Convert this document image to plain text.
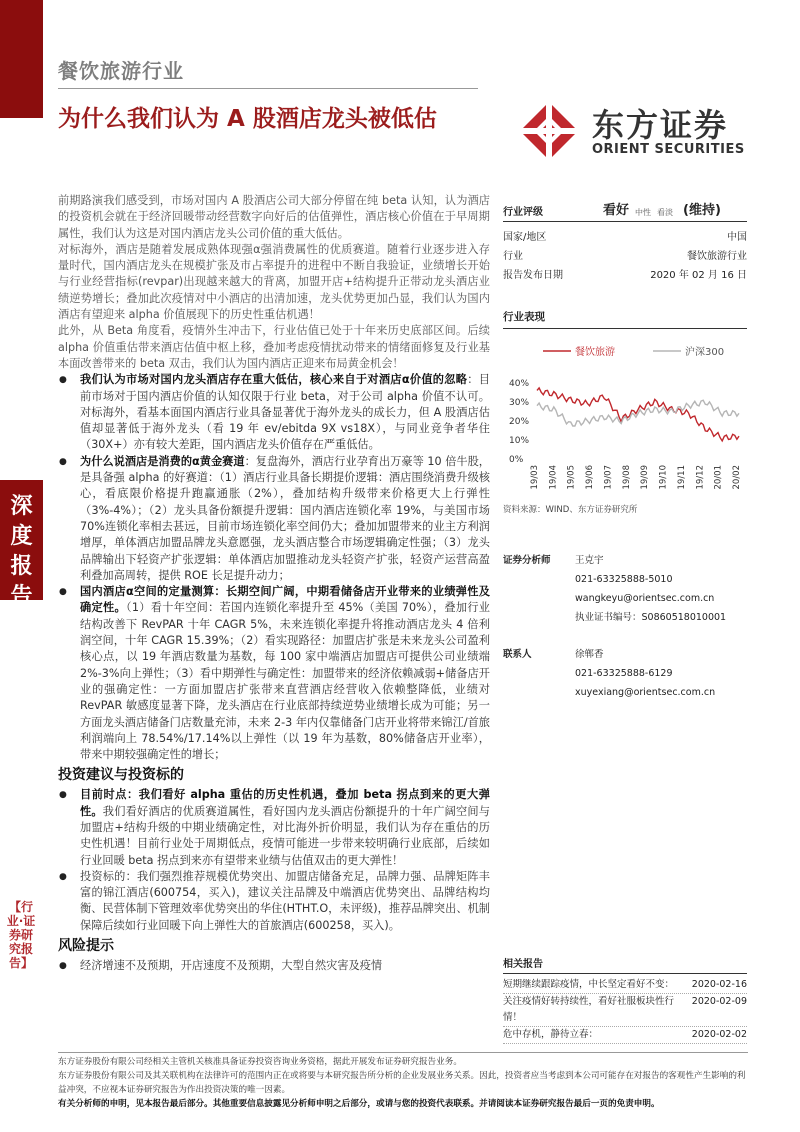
深度报告
【行业·证券研究报告】
餐饮旅游行业
为什么我们认为 A 股酒店龙头被低估	东方证券
ORIENT SECURITIES

前期路演我们感受到，市场对国内 A 股酒店公司大部分停留在纯 beta 认知，认为酒店的投资机会就在于经济回暖带动经营数字向好后的估值弹性，酒店核心价值在于早周期属性，我们认为这是对国内酒店龙头公司价值的重大低估。

对标海外，酒店是随着发展成熟体现强α强消费属性的优质赛道。随着行业逐步进入存量时代，国内酒店龙头在规模扩张及市占率提升的进程中不断自我验证，业绩增长开始与行业经营指标(revpar)出现越来越大的背离，加盟开店+结构提升正带动龙头酒店业绩逆势增长；叠加此次疫情对中小酒店的出清加速，龙头优势更加凸显，我们认为国内酒店有望迎来 alpha 价值展现下的历史性重估机遇！

此外，从 Beta 角度看，疫情外生冲击下，行业估值已处于十年来历史底部区间。后续 alpha 价值重估带来酒店估值中枢上移，叠加考虑疫情扰动带来的情绪面修复及行业基本面改善带来的 beta 双击，我们认为国内酒店正迎来布局黄金机会！

● 我们认为市场对国内龙头酒店存在重大低估，核心来自于对酒店α价值的忽略：目前市场对于国内酒店价值的认知仅限于行业 beta，对于公司 alpha 价值不认可。对标海外，看基本面国内酒店行业具备显著优于海外龙头的成长力，但 A 股酒店估值却显著低于海外龙头（看 19 年 ev/ebitda 9X vs18X），与同业竞争者华住（30X+）亦有较大差距，国内酒店龙头价值存在严重低估。
● 为什么说酒店是消费的α黄金赛道：复盘海外，酒店行业孕育出万豪等 10 倍牛股，是具备强 alpha 的好赛道：（1）酒店行业具备长期提价逻辑：酒店围绕消费升级核心，看底限价格提升跑赢通胀（2%），叠加结构升级带来价格更大上行弹性（3%-4%）；（2）龙头具备份额提升逻辑：国内酒店连锁化率 19%，与美国市场 70%连锁化率相去甚远，目前市场连锁化率空间仍大；叠加加盟带来的业主方利润增厚，单体酒店加盟品牌龙头意愿强，龙头酒店整合市场逻辑确定性强；（3）龙头品牌输出下轻资产扩张逻辑：单体酒店加盟推动龙头轻资产扩张，轻资产运营高盈利叠加高周转，提供 ROE 长足提升动力；
● 国内酒店α空间的定量测算：长期空间广阔，中期看储备店开业带来的业绩弹性及确定性。（1）看十年空间：若国内连锁化率提升至 45%（美国 70%），叠加行业结构改善下 RevPAR 十年 CAGR 5%，未来连锁化率提升将推动酒店龙头 4 倍利润空间，十年 CAGR 15.39%；（2）看实现路径：加盟店扩张是未来龙头公司盈利核心点，以 19 年酒店数量为基数，每 100 家中端酒店加盟店可提供公司业绩端 2%-3%向上弹性；（3）看中期弹性与确定性：加盟带来的经济依赖减弱+储备店开业的强确定性：一方面加盟店扩张带来直营酒店经营收入依赖整降低，业绩对 RevPAR 敏感度显著下降，龙头酒店在行业底部持续逆势业绩增长成为可能；另一方面龙头酒店储备门店数量充沛，未来 2-3 年内仅靠储备门店开业将带来锦江/首旅利润端向上 78.54%/17.14%以上弹性（以 19 年为基数，80%储备店开业率），带来中期较强确定性的增长；
投资建议与投资标的
● 目前时点：我们看好 alpha 重估的历史性机遇，叠加 beta 拐点到来的更大弹性。我们看好酒店的优质赛道属性，看好国内龙头酒店份额提升的十年广阔空间与加盟店+结构升级的中期业绩确定性，对比海外折价明显，我们认为存在重估的历史性机遇！目前行业处于周期低点，疫情可能进一步带来较明确行业底部，后续如行业回暖 beta 拐点到来亦有望带来业绩与估值双击的更大弹性！
● 投资标的：我们强烈推荐规模优势突出、加盟店储备充足，品牌力强、品牌矩阵丰富的锦江酒店(600754，买入)，建议关注品牌及中端酒店优势突出、品牌结构均衡、民营体制下管理效率优势突出的华住(HTHT.O，未评级)，推荐品牌突出、机制保障后续如行业回暖下向上弹性大的首旅酒店(600258，买入)。
风险提示
● 经济增速不及预期，开店速度不及预期，大型自然灾害及疫情
行业评级	看好 中性 看淡 (维持)
国家/地区	中国
行业	餐饮旅游行业
报告发布日期	2020 年 02 月 16 日
行业表现
餐饮旅游	沪深300
40%
30%
20%
10%
0%
19/03 19/04 19/05 19/06 19/07 19/08 19/09 19/10 19/11 19/12 20/01 20/02
资料来源：WIND、东方证券研究所
证券分析师	王克宇
021-63325888-5010
wangkeyu@orientsec.com.cn
执业证书编号：S0860518010001
联系人	徐郸香
021-63325888-6129
xuyexiang@orientsec.com.cn
相关报告
短期继续跟踪疫情，中长坚定看好不变： 2020-02-16
关注疫情好转持续性，看好社服板块性行情！
2020-02-09
危中存机，静待立春：	2020-02-02
东方证券股份有限公司经相关主管机关核准具备证券投资咨询业务资格，据此开展发布证券研究报告业务。
东方证券股份有限公司及其关联机构在法律许可的范围内正在或将要与本研究报告所分析的企业发展业务关系。因此，投资者应当考虑到本公司可能存在对报告的客观性产生影响的利益冲突，不应视本证券研究报告为作出投资决策的唯一因素。
有关分析师的申明，见本报告最后部分。其他重要信息披露见分析师申明之后部分，或请与您的投资代表联系。并请阅读本证券研究报告最后一页的免责申明。
